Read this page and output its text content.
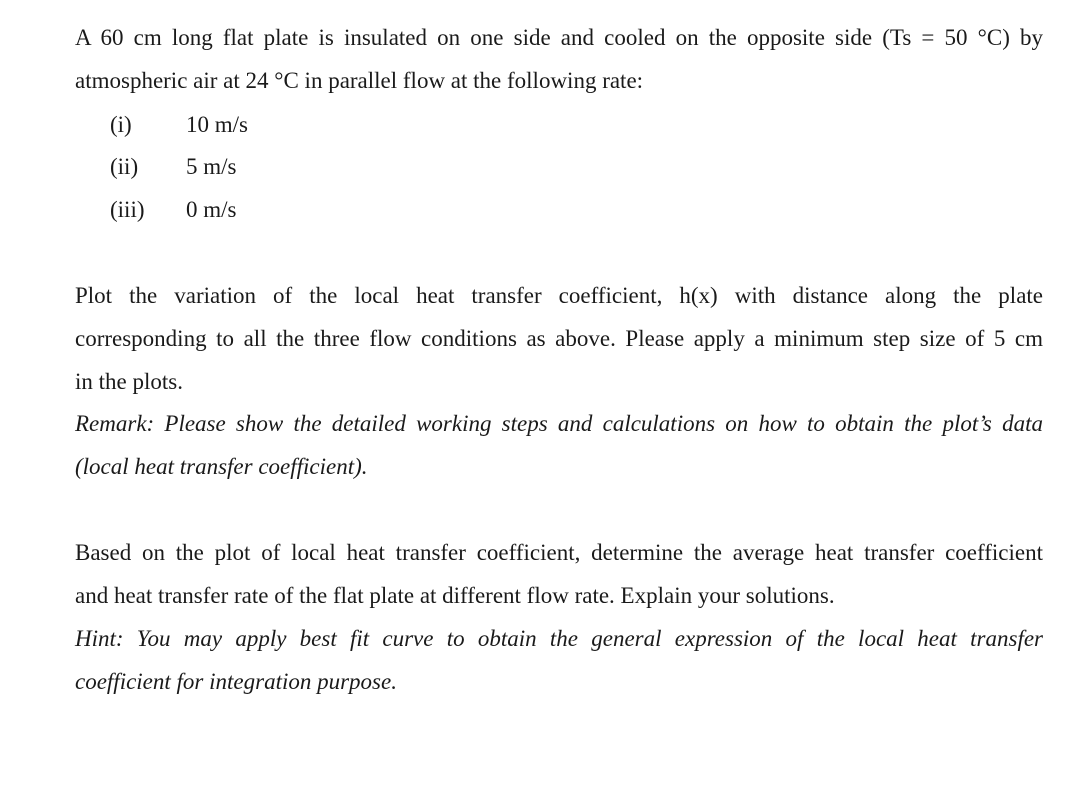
A 60 cm long flat plate is insulated on one side and cooled on the opposite side (Ts = 50 °C) by
atmospheric air at 24 °C in parallel flow at the following rate:
(i) 10 m/s
(ii) 5 m/s
(iii) 0 m/s
Plot the variation of the local heat transfer coefficient, h(x) with distance along the plate
corresponding to all the three flow conditions as above. Please apply a minimum step size of 5 cm
in the plots.
Remark: Please show the detailed working steps and calculations on how to obtain the plot’s data
(local heat transfer coefficient).
Based on the plot of local heat transfer coefficient, determine the average heat transfer coefficient
and heat transfer rate of the flat plate at different flow rate. Explain your solutions.
Hint: You may apply best fit curve to obtain the general expression of the local heat transfer
coefficient for integration purpose.
